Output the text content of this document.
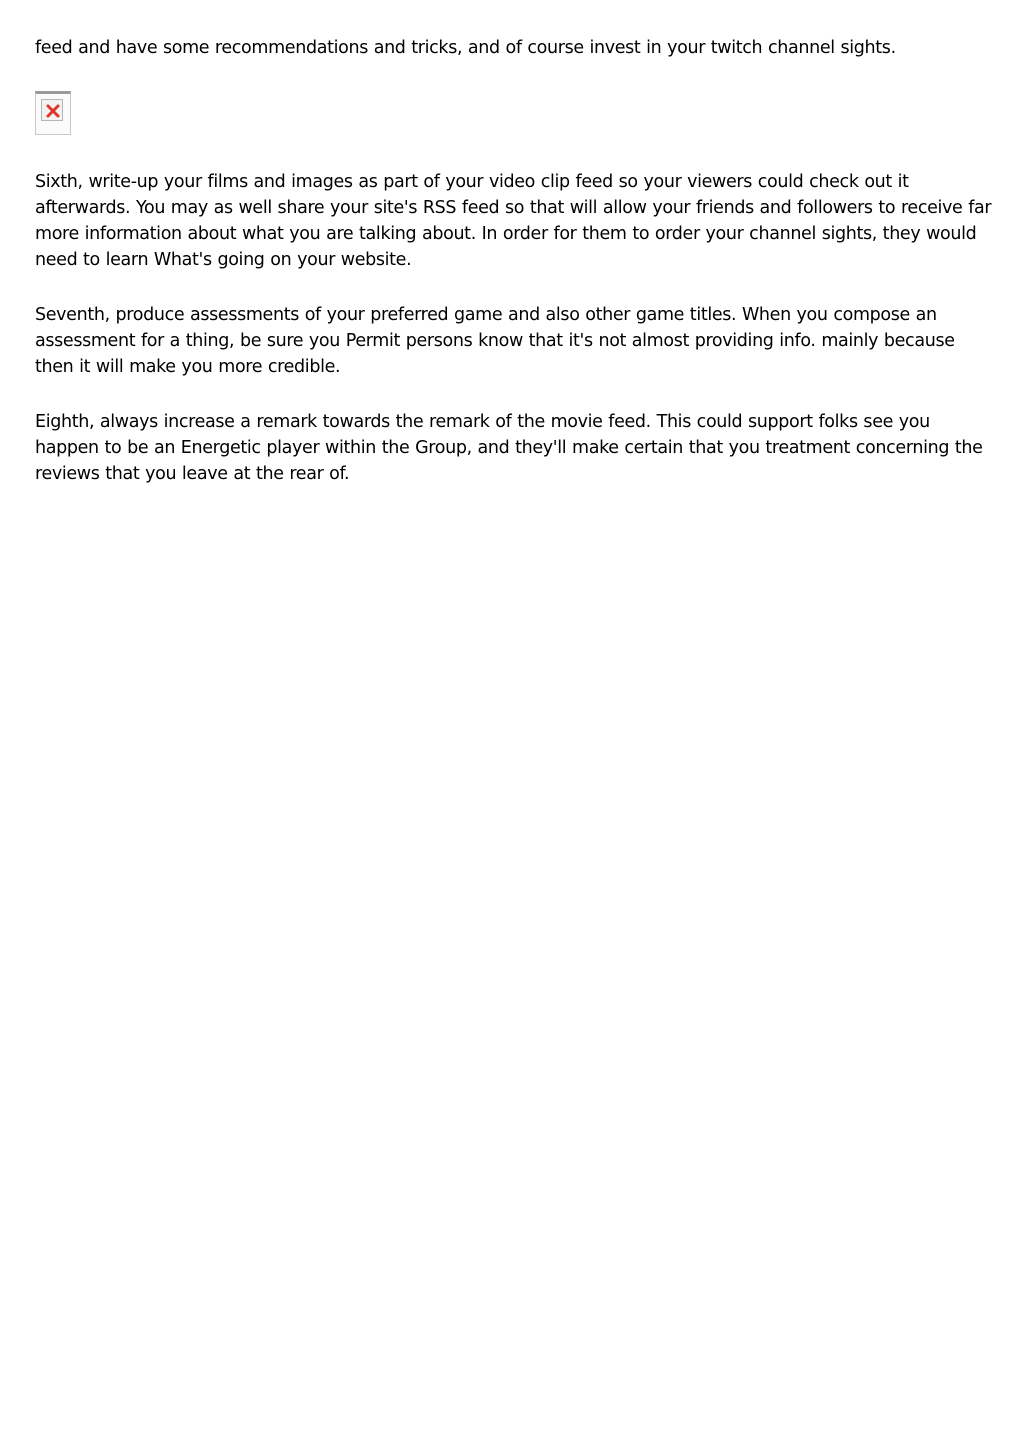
feed and have some recommendations and tricks, and of course invest in your twitch channel sights.

Sixth, write-up your films and images as part of your video clip feed so your viewers could check out it afterwards. You may as well share your site's RSS feed so that will allow your friends and followers to receive far more information about what you are talking about. In order for them to order your channel sights, they would need to learn What's going on your website.

Seventh, produce assessments of your preferred game and also other game titles. When you compose an assessment for a thing, be sure you Permit persons know that it's not almost providing info. mainly because then it will make you more credible.

Eighth, always increase a remark towards the remark of the movie feed. This could support folks see you happen to be an Energetic player within the Group, and they'll make certain that you treatment concerning the reviews that you leave at the rear of.
